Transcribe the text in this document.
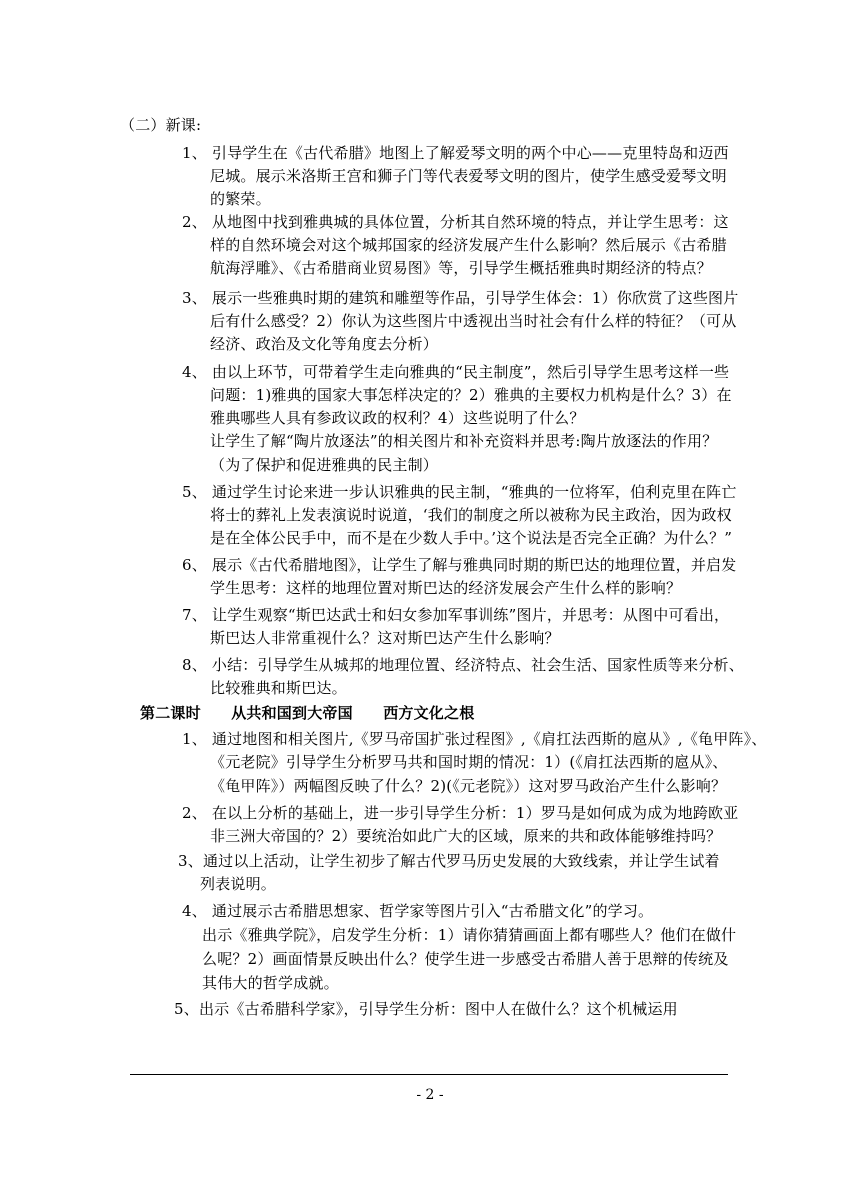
（二）新课:
1、 引导学生在《古代希腊》地图上了解爱琴文明的两个中心——克里特岛和迈西
尼城。展示米洛斯王宫和狮子门等代表爱琴文明的图片，使学生感受爱琴文明
的繁荣。
2、 从地图中找到雅典城的具体位置，分析其自然环境的特点，并让学生思考：这
样的自然环境会对这个城邦国家的经济发展产生什么影响？然后展示《古希腊
航海浮雕》、《古希腊商业贸易图》等，引导学生概括雅典时期经济的特点？
3、 展示一些雅典时期的建筑和雕塑等作品，引导学生体会：1）你欣赏了这些图片
后有什么感受？2）你认为这些图片中透视出当时社会有什么样的特征？（可从
经济、政治及文化等角度去分析）
4、 由以上环节，可带着学生走向雅典的“民主制度”，然后引导学生思考这样一些
问题：1)雅典的国家大事怎样决定的？2）雅典的主要权力机构是什么？3）在
雅典哪些人具有参政议政的权利？4）这些说明了什么？
让学生了解“陶片放逐法”的相关图片和补充资料并思考:陶片放逐法的作用？
（为了保护和促进雅典的民主制）
5、 通过学生讨论来进一步认识雅典的民主制，“雅典的一位将军，伯利克里在阵亡
将士的葬礼上发表演说时说道，‘我们的制度之所以被称为民主政治，因为政权
是在全体公民手中，而不是在少数人手中。’这个说法是否完全正确？为什么？”
6、 展示《古代希腊地图》，让学生了解与雅典同时期的斯巴达的地理位置，并启发
学生思考：这样的地理位置对斯巴达的经济发展会产生什么样的影响？
7、 让学生观察“斯巴达武士和妇女参加军事训练”图片，并思考：从图中可看出，
斯巴达人非常重视什么？这对斯巴达产生什么影响？
8、 小结：引导学生从城邦的地理位置、经济特点、社会生活、国家性质等来分析、
比较雅典和斯巴达。
第二课时　　从共和国到大帝国　　西方文化之根
1、 通过地图和相关图片,《罗马帝国扩张过程图》,《肩扛法西斯的扈从》,《龟甲阵》、
《元老院》引导学生分析罗马共和国时期的情况：1）(《肩扛法西斯的扈从》、
《龟甲阵》）两幅图反映了什么？2)(《元老院》）这对罗马政治产生什么影响？
2、 在以上分析的基础上，进一步引导学生分析：1）罗马是如何成为成为地跨欧亚
非三洲大帝国的？2）要统治如此广大的区域，原来的共和政体能够维持吗？
3、通过以上活动，让学生初步了解古代罗马历史发展的大致线索，并让学生试着
列表说明。
4、 通过展示古希腊思想家、哲学家等图片引入“古希腊文化”的学习。
出示《雅典学院》，启发学生分析：1）请你猜猜画面上都有哪些人？他们在做什
么呢？2）画面情景反映出什么？使学生进一步感受古希腊人善于思辩的传统及
其伟大的哲学成就。
5、出示《古希腊科学家》，引导学生分析：图中人在做什么？这个机械运用
- 2 -
